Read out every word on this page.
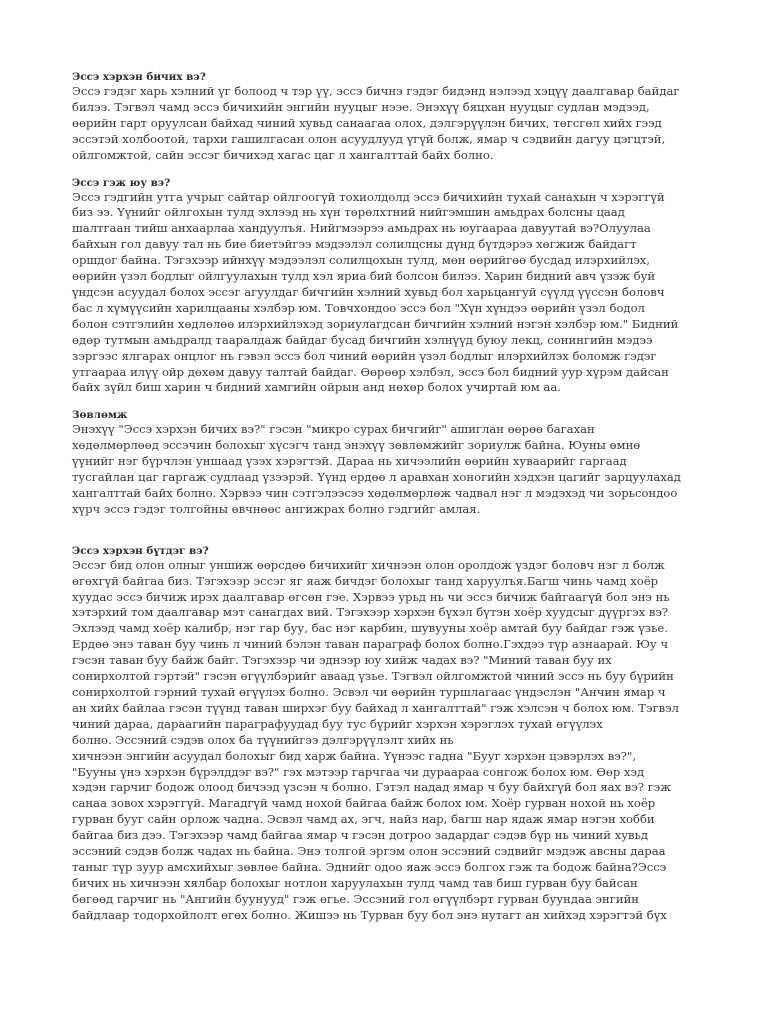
Эссэ хэрхэн бичих вэ?

Эссэ гэдэг харь хэлний үг болоод ч тэр үү, эссэ бичнэ гэдэг бидэнд нэлээд хэцүү даалгавар байдаг
билээ. Тэгвэл чамд эссэ бичихийн энгийн нууцыг нээе. Энэхүү бяцхан нууцыг судлан мэдээд,
өөрийн гарт оруулсан байхад чиний хувьд санаагаа олох, дэлгэрүүлэн бичих, төгсгөл хийх гээд
эссэтэй холбоотой, тархи гашилгасан олон асуудлууд үгүй болж, ямар ч сэдвийн дагуу цэгцтэй,
ойлгомжтой, сайн эссэг бичихэд хагас цаг л хангалттай байх болно.

Эссэ гэж юу вэ?

Эссэ гэдгийн утга учрыг сайтар ойлгоогүй тохиолдолд эссэ бичихийн тухай санахын ч хэрэггүй
биз ээ. Үүнийг ойлгохын тулд эхлээд нь хүн төрөлхтний нийгэмшин амьдрах болсны цаад
шалтгаан тийш анхаарлаа хандуулъя. Нийгмээрээ амьдрах нь юугаараа давуутай вэ?Олуулаа
байхын гол давуу тал нь бие биетэйгээ мэдээлэл солилцсны дүнд бүтдэрээ хөгжиж байдагт
оршдог байна. Тэгэхээр ийнхүү мэдээлэл солилцохын тулд, мөн өөрийгөө бусдад илэрхийлэх,
өөрийн үзэл бодлыг ойлгуулахын тулд хэл яриа бий болсон билээ. Харин бидний авч үзэж буй
үндсэн асуудал болох эссэг агуулдаг бичгийн хэлний хувьд бол харьцангуй сүүлд үүссэн боловч
бас л хүмүүсийн харилцааны хэлбэр юм. Товчхондоо эссэ бол "Хүн хүндээ өөрийн үзэл бодол
болон сэтгэлийн хөдлөлөө илэрхийлэхэд зориулагдсан бичгийн хэлний нэгэн хэлбэр юм." Бидний
өдөр тутмын амьдралд тааралдаж байдаг бусад бичгийн хэлнүүд буюу лекц, сонингийн мэдээ
зэргээс ялгарах онцлог нь гэвэл эссэ бол чиний өөрийн үзэл бодлыг илэрхийлэх боломж гэдэг
утгаараа илүү ойр дөхөм давуу талтай байдаг. Өөрөөр хэлбэл, эссэ бол бидний уур хүрэм дайсан
байх зүйл биш харин ч бидний хамгийн ойрын анд нөхөр болох учиртай юм аа.

Зөвлөмж

Энэхүү "Эссэ хэрхэн бичих вэ?" гэсэн "микро сурах бичгийг" ашиглан өөрөө багахан
хөдөлмөрлөөд эссэчин болохыг хүсэгч танд энэхүү зөвлөмжийг зориулж байна. Юуны өмнө
үүнийг нэг бүрчлэн уншаад үзэх хэрэгтэй. Дараа нь хичээлийн өөрийн хуваарийг гаргаад
тусгайлан цаг гаргаж судлаад үзээрэй. Үүнд ердөө л аравхан хоногийн хэдхэн цагийг зарцуулахад
хангалттай байх болно. Хэрвээ чин сэтгэлээсээ хөдөлмөрлөж чадвал нэг л мэдэхэд чи зорьсондоо
хүрч эссэ гэдэг толгойны өвчнөөс ангижрах болно гэдгийг амлая.

Эссэ хэрхэн бүтдэг вэ?

Эссэг бид олон олныг уншиж өөрсдөө бичихийг хичнээн олон оролдож үздэг боловч нэг л болж
өгөхгүй байгаа биз. Тэгэхээр эссэг яг яаж бичдэг болохыг танд харуулъя.Багш чинь чамд хоёр
хуудас эссэ бичиж ирэх даалгавар өгсөн гэе. Хэрвээ урьд нь чи эссэ бичиж байгаагүй бол энэ нь
хэтэрхий том даалгавар мэт санагдах вий. Тэгэхээр хэрхэн бүхэл бүтэн хоёр хуудсыг дүүргэх вэ?
Эхлээд чамд хоёр калибр, нэг гар буу, бас нэг карбин, шувууны хоёр амтай буу байдаг гэж үзье.
Ердөө энэ таван буу чинь л чиний бэлэн таван параграф болох болно.Гэхдээ түр азнаарай. Юу ч
гэсэн таван буу байж байг. Тэгэхээр чи эднээр юу хийж чадах вэ? "Миний таван буу их
сонирхолтой гэртэй" гэсэн өгүүлбэрийг аваад үзье. Тэгвэл ойлгомжтой чиний эссэ нь буу бүрийн
сонирхолтой гэрний тухай өгүүлэх болно. Эсвэл чи өөрийн туршлагаас үндэслэн "Анчин ямар ч
ан хийх байлаа гэсэн түүнд таван ширхэг буу байхад л хангалттай" гэж хэлсэн ч болох юм. Тэгвэл
чиний дараа, дараагийн параграфуудад буу тус бүрийг хэрхэн хэрэглэх тухай өгүүлэх
болно. Эссэний сэдэв олох ба түүнийгээ дэлгэрүүлэлт хийх нь
хичнээн энгийн асуудал болохыг бид харж байна. Үүнээс гадна "Бууг хэрхэн цэвэрлэх вэ?",
"Бууны үнэ хэрхэн бүрэлддэг вэ?" гэх мэтээр гарчгаа чи дураараа сонгож болох юм. Өөр хэд
хэдэн гарчиг бодож олоод бичээд үзсэн ч болно. Гэтэл надад ямар ч буу байхгүй бол яах вэ? гэж
санаа зовох хэрэггүй. Магадгүй чамд нохой байгаа байж болох юм. Хоёр гурван нохой нь хоёр
гурван бууг сайн орлож чадна. Эсвэл чамд ах, эгч, найз нар, багш нар ядаж ямар нэгэн хобби
байгаа биз дээ. Тэгэхээр чамд байгаа ямар ч гэсэн дотроо задардаг сэдэв бүр нь чиний хувьд
эссэний сэдэв болж чадах нь байна. Энэ толгой эргэм олон эссэний сэдвийг мэдэж авсны дараа
таныг түр зуур амсхийхыг зөвлөе байна. Эднийг одоо яаж эссэ болгох гэж та бодож байна?Эссэ
бичих нь хичнээн хялбар болохыг нотлон харуулахын тулд чамд тав биш гурван буу байсан
бөгөөд гарчиг нь "Ангийн буунууд" гэж өгье. Эссэний гол өгүүлбэрт гурван буундаа энгийн
байдлаар тодорхойлолт өгөх болно. Жишээ нь Турван буу бол энэ нутагт ан хийхэд хэрэгтэй бүх
